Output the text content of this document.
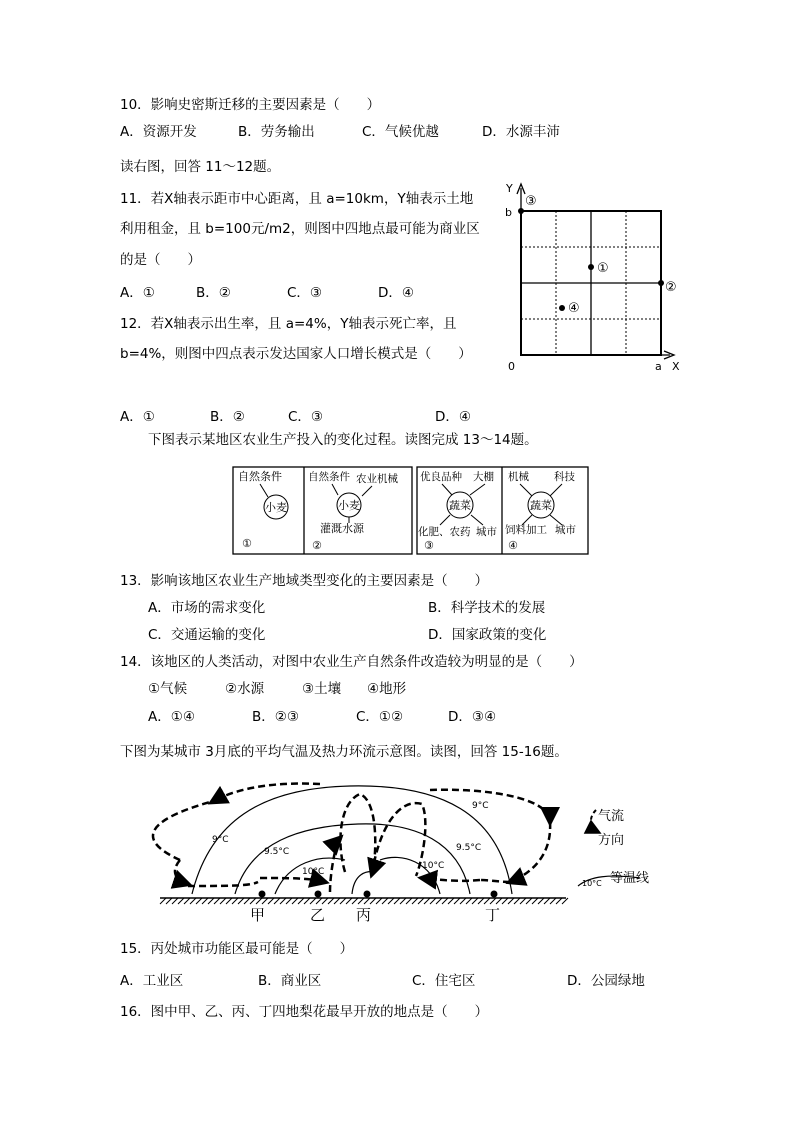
10．影响史密斯迁移的主要因素是（　　）
A．资源开发	B．劳务输出	C．气候优越	D．水源丰沛
读右图，回答 11～12题。
11．若X轴表示距市中心距离，且 a=10km，Y轴表示土地
利用租金，且 b=100元/m2，则图中四地点最可能为商业区
的是（　　）
A．①	B．②	C．③	D．④
12．若X轴表示出生率，且 a=4%，Y轴表示死亡率，且
b=4%，则图中四点表示发达国家人口增长模式是（　　）
A．①	B．②	C．③	D．④
Y
X
b
a
0
③
①
②
④
下图表示某地区农业生产投入的变化过程。读图完成 13～14题。
自然条件
小麦
①
自然条件 农业机械
小麦
灌溉水源
②
优良品种 大棚
蔬菜
化肥、农药 城市
③
机械 科技
蔬菜
饲料加工 城市
④
13．影响该地区农业生产地域类型变化的主要因素是（　　）
A．市场的需求变化	B．科学技术的发展
C．交通运输的变化	D．国家政策的变化
14．该地区的人类活动，对图中农业生产自然条件改造较为明显的是（　　）
①气候	②水源	③土壤 ④地形
A．①④	B．②③	C．①②	D．③④
下图为某城市 3月底的平均气温及热力环流示意图。读图，回答 15-16题。
9°C
9°C
9.5°C	9.5°C
10°C
10°C
甲	乙 丙	丁
气流
方向
10°C 等温线
15．丙处城市功能区最可能是（　　）
A．工业区	B．商业区	C．住宅区	D．公园绿地
16．图中甲、乙、丙、丁四地梨花最早开放的地点是（　　）
